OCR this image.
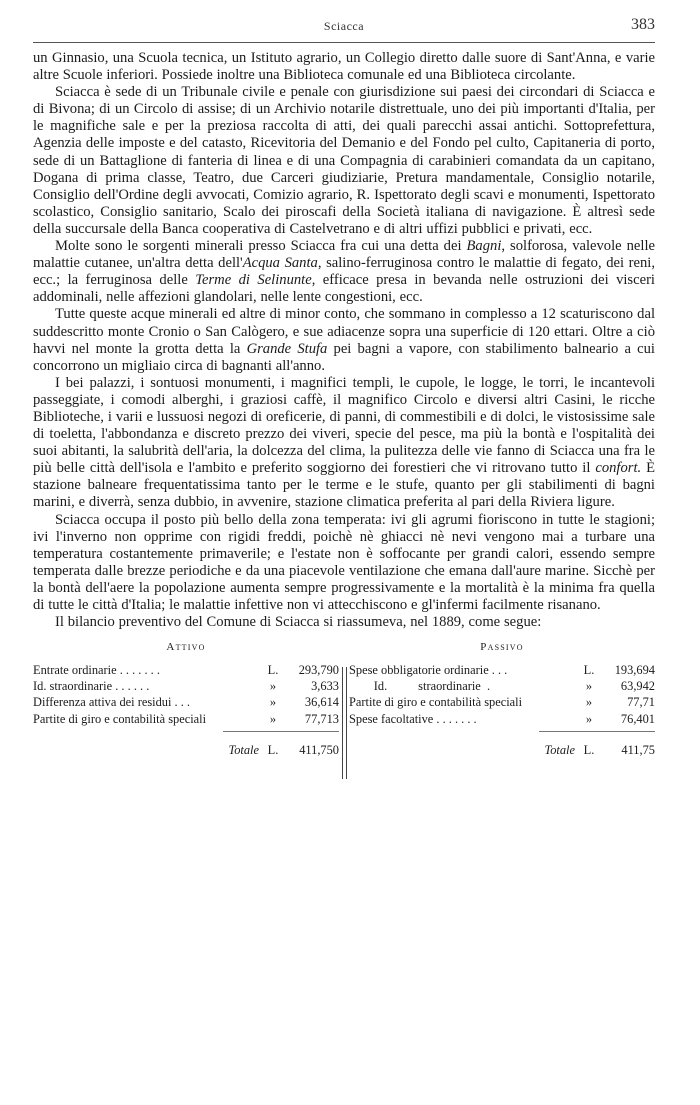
Sciacca	383

un Ginnasio, una Scuola tecnica, un Istituto agrario, un Collegio diretto dalle suore di Sant'Anna, e varie altre Scuole inferiori. Possiede inoltre una Biblioteca comunale ed una Biblioteca circolante.

Sciacca è sede di un Tribunale civile e penale con giurisdizione sui paesi dei circondari di Sciacca e di Bivona; di un Circolo di assise; di un Archivio notarile distrettuale, uno dei più importanti d'Italia, per le magnifiche sale e per la preziosa raccolta di atti, dei quali parecchi assai antichi. Sottoprefettura, Agenzia delle imposte e del catasto, Ricevitoria del Demanio e del Fondo pel culto, Capitaneria di porto, sede di un Battaglione di fanteria di linea e di una Compagnia di carabinieri comandata da un capitano, Dogana di prima classe, Teatro, due Carceri giudiziarie, Pretura mandamentale, Consiglio notarile, Consiglio dell'Ordine degli avvocati, Comizio agrario, R. Ispettorato degli scavi e monumenti, Ispettorato scolastico, Consiglio sanitario, Scalo dei piroscafi della Società italiana di navigazione. È altresì sede della succursale della Banca cooperativa di Castelvetrano e di altri uffizi pubblici e privati, ecc.

Molte sono le sorgenti minerali presso Sciacca fra cui una detta dei Bagni, solforosa, valevole nelle malattie cutanee, un'altra detta dell'Acqua Santa, salino-ferruginosa contro le malattie di fegato, dei reni, ecc.; la ferruginosa delle Terme di Selinunte, efficace presa in bevanda nelle ostruzioni dei visceri addominali, nelle affezioni glandolari, nelle lente congestioni, ecc.

Tutte queste acque minerali ed altre di minor conto, che sommano in complesso a 12 scaturiscono dal suddescritto monte Cronio o San Calògero, e sue adiacenze sopra una superficie di 120 ettari. Oltre a ciò havvi nel monte la grotta detta la Grande Stufa pei bagni a vapore, con stabilimento balneario a cui concorrono un migliaio circa di bagnanti all'anno.

I bei palazzi, i sontuosi monumenti, i magnifici templi, le cupole, le logge, le torri, le incantevoli passeggiate, i comodi alberghi, i graziosi caffè, il magnifico Circolo e diversi altri Casini, le ricche Biblioteche, i varii e lussuosi negozi di oreficerie, di panni, di commestibili e di dolci, le vistosissime sale di toeletta, l'abbondanza e discreto prezzo dei viveri, specie del pesce, ma più la bontà e l'ospitalità dei suoi abitanti, la salubrità dell'aria, la dolcezza del clima, la pulitezza delle vie fanno di Sciacca una fra le più belle città dell'isola e l'ambito e preferito soggiorno dei forestieri che vi ritrovano tutto il confort. È stazione balneare frequentatissima tanto per le terme e le stufe, quanto per gli stabilimenti di bagni marini, e diverrà, senza dubbio, in avvenire, stazione climatica preferita al pari della Riviera ligure.

Sciacca occupa il posto più bello della zona temperata: ivi gli agrumi fioriscono in tutte le stagioni; ivi l'inverno non opprime con rigidi freddi, poichè nè ghiacci nè nevi vengono mai a turbare una temperatura costantemente primaverile; e l'estate non è soffocante per grandi calori, essendo sempre temperata dalle brezze periodiche e da una piacevole ventilazione che emana dall'aure marine. Sicchè per la bontà dell'aere la popolazione aumenta sempre progressivamente e la mortalità è la minima fra quella di tutte le città d'Italia; le malattie infettive non vi attecchiscono e gl'infermi facilmente risanano.

Il bilancio preventivo del Comune di Sciacca si riassumeva, nel 1889, come segue:

Attivo
Entrate ordinarie . . . . . . .	L.	293,790
Id. straordinarie . . . . . .	»	3,633
Differenza attiva dei residui . . .	»	36,614
Partite di giro e contabilità speciali	»	77,713
Totale L.	411,750
Passivo
Spese obbligatorie ordinarie . . .	L.	193,694
Id.          straordinarie  .	»	63,942
Partite di giro e contabilità speciali	»	77,71
Spese facoltative . . . . . . .	»	76,401
Totale L.	411,75
